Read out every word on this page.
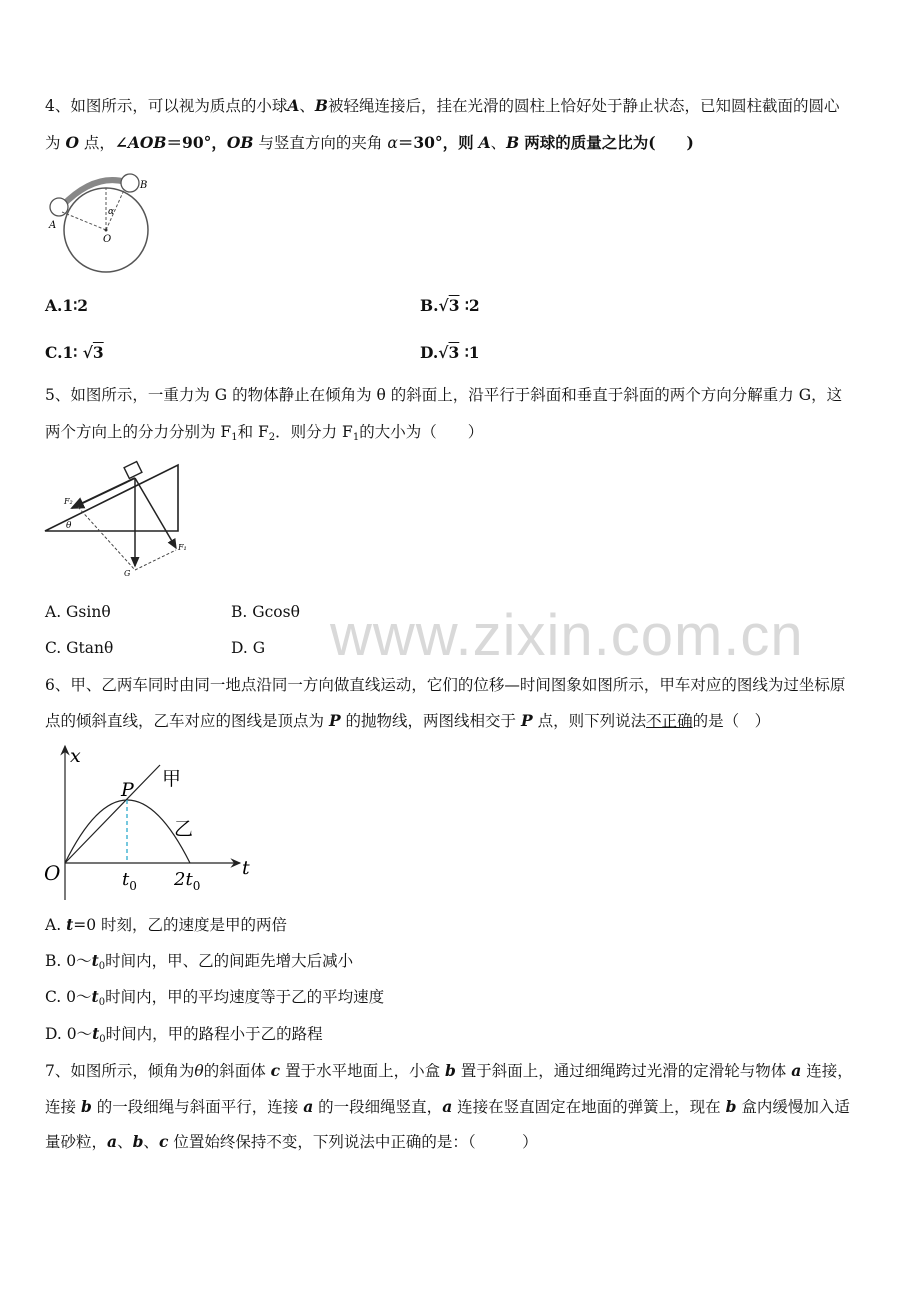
4、如图所示，可以视为质点的小球A、B被轻绳连接后，挂在光滑的圆柱上恰好处于静止状态，已知圆柱截面的圆心
为 O 点，∠AOB＝90°，OB 与竖直方向的夹角 α＝30°，则 A、B 两球的质量之比为(　　)
A
B
O
α
A.1∶2	B.√3 ∶2
C.1∶ √3	D.√3 ∶1
5、如图所示，一重力为 G 的物体静止在倾角为 θ 的斜面上，沿平行于斜面和垂直于斜面的两个方向分解重力 G，这
两个方向上的分力分别为 $F_1$和 $F_2$．则分力 $F_1$的大小为（　　）
F₂
F₁
G
θ
A. Gsinθ	B. Gcosθ
C. Gtanθ	D. G www.zixin.com.cn
6、甲、乙两车同时由同一地点沿同一方向做直线运动，它们的位移—时间图象如图所示，甲车对应的图线为过坐标原
点的倾斜直线，乙车对应的图线是顶点为 P 的抛物线，两图线相交于 P 点，则下列说法不正确的是（　）
x
t
O
P 甲
乙
$t_0$ $2t_0$
A. t=0 时刻，乙的速度是甲的两倍
B. $0\sim t_0$时间内，甲、乙的间距先增大后减小
C. $0\sim t_0$时间内，甲的平均速度等于乙的平均速度
D. $0\sim t_0$时间内，甲的路程小于乙的路程
7、如图所示，倾角为θ的斜面体 c 置于水平地面上，小盒 b 置于斜面上，通过细绳跨过光滑的定滑轮与物体 a 连接，
连接 b 的一段细绳与斜面平行，连接 a 的一段细绳竖直，a 连接在竖直固定在地面的弹簧上，现在 b 盒内缓慢加入适
量砂粒，a、b、c 位置始终保持不变，下列说法中正确的是：（　　　）
